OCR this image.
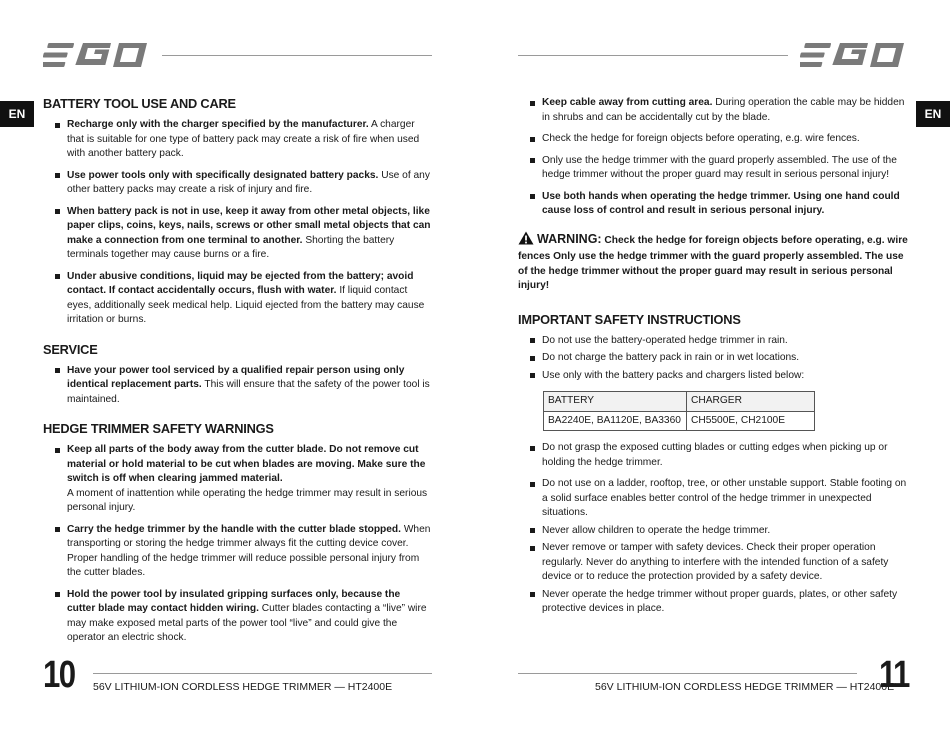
EN	EN
BATTERY TOOL USE AND CARE
Recharge only with the charger specified by the manufacturer. A charger that is suitable for one type of battery pack may create a risk of fire when used with another battery pack.
Use power tools only with specifically designated battery packs. Use of any other battery packs may create a risk of injury and fire.
When battery pack is not in use, keep it away from other metal objects, like paper clips, coins, keys, nails, screws or other small metal objects that can make a connection from one terminal to another. Shorting the battery terminals together may cause burns or a fire.
Under abusive conditions, liquid may be ejected from the battery; avoid contact. If contact accidentally occurs, flush with water. If liquid contact eyes, additionally seek medical help. Liquid ejected from the battery may cause irritation or burns.
SERVICE
Have your power tool serviced by a qualified repair person using only identical replacement parts. This will ensure that the safety of the power tool is maintained.
HEDGE TRIMMER SAFETY WARNINGS
Keep all parts of the body away from the cutter blade. Do not remove cut material or hold material to be cut when blades are moving. Make sure the switch is off when clearing jammed material.
A moment of inattention while operating the hedge trimmer may result in serious personal injury.
Carry the hedge trimmer by the handle with the cutter blade stopped. When transporting or storing the hedge trimmer always fit the cutting device cover. Proper handling of the hedge trimmer will reduce possible personal injury from the cutter blades.
Hold the power tool by insulated gripping surfaces only, because the cutter blade may contact hidden wiring. Cutter blades contacting a “live” wire may make exposed metal parts of the power tool “live” and could give the operator an electric shock.
Keep cable away from cutting area. During operation the cable may be hidden in shrubs and can be accidentally cut by the blade.
Check the hedge for foreign objects before operating, e.g. wire fences.
Only use the hedge trimmer with the guard properly assembled. The use of the hedge trimmer without the proper guard may result in serious personal injury!
Use both hands when operating the hedge trimmer. Using one hand could cause loss of control and result in serious personal injury.
WARNING: Check the hedge for foreign objects before operating, e.g. wire fences Only use the hedge trimmer with the guard properly assembled. The use of the hedge trimmer without the proper guard may result in serious personal injury!
IMPORTANT SAFETY INSTRUCTIONS
Do not use the battery-operated hedge trimmer in rain.
Do not charge the battery pack in rain or in wet locations.
Use only with the battery packs and chargers listed below:
BATTERY	CHARGER
BA2240E, BA1120E, BA3360	CH5500E, CH2100E
Do not grasp the exposed cutting blades or cutting edges when picking up or holding the hedge trimmer.
Do not use on a ladder, rooftop, tree, or other unstable support. Stable footing on a solid surface enables better control of the hedge trimmer in unexpected situations.
Never allow children to operate the hedge trimmer.
Never remove or tamper with safety devices. Check their proper operation regularly. Never do anything to interfere with the intended function of a safety device or to reduce the protection provided by a safety device.
Never operate the hedge trimmer without proper guards, plates, or other safety protective devices in place.
10 56V LITHIUM-ION CORDLESS HEDGE TRIMMER — HT2400E	56V LITHIUM-ION CORDLESS HEDGE TRIMMER — HT2400E
11
